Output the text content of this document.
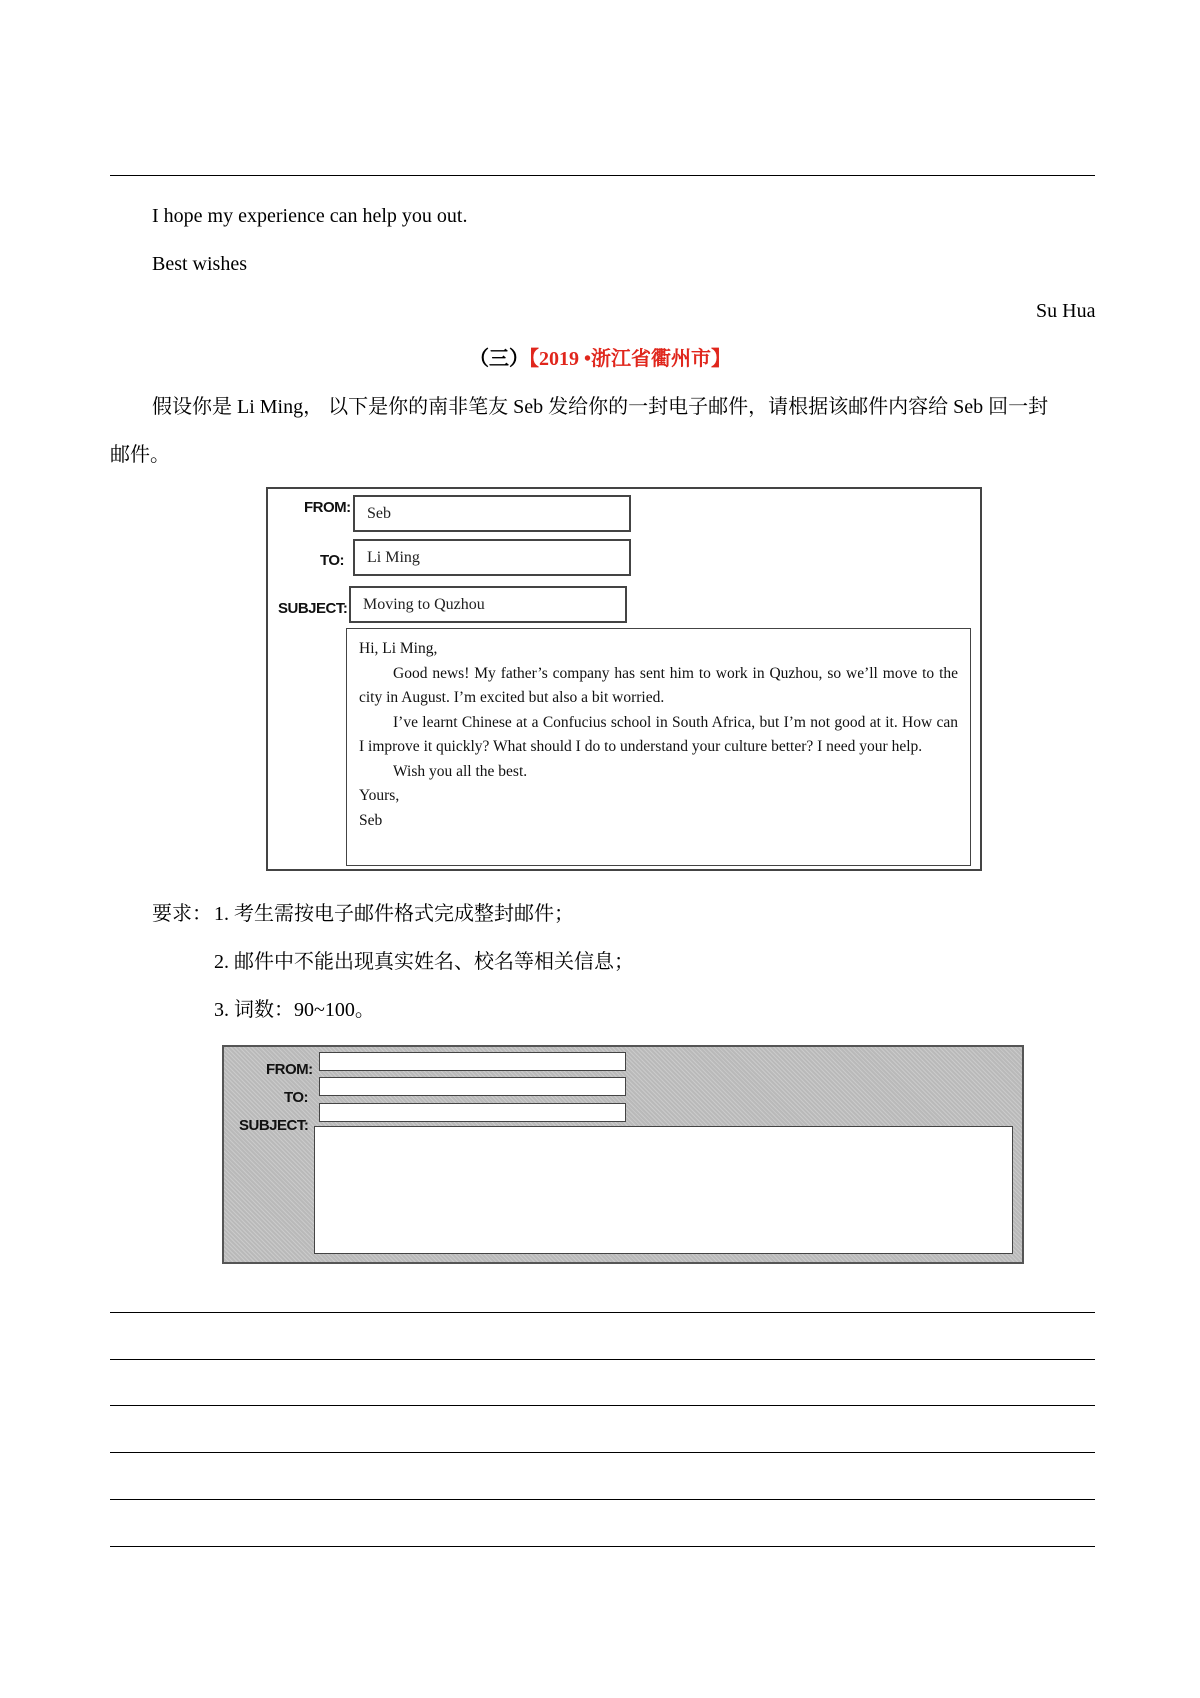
I hope my experience can help you out.
Best wishes
Su Hua
（三）【2019 •浙江省衢州市】
假设你是 Li Ming， 以下是你的南非笔友 Seb 发给你的一封电子邮件，请根据该邮件内容给 Seb 回一封
邮件。
FROM: Seb
TO: Li Ming
SUBJECT: Moving to Quzhou

Hi, Li Ming,

Good news! My father’s company has sent him to work in Quzhou, so we’ll move to the city in August. I’m excited but also a bit worried.

I’ve learnt Chinese at a Confucius school in South Africa, but I’m not good at it. How can I improve it quickly? What should I do to understand your culture better? I need your help.

Wish you all the best.

Yours,

Seb

要求： 1. 考生需按电子邮件格式完成整封邮件；
2. 邮件中不能出现真实姓名、校名等相关信息；
3. 词数：90~100。
FROM:
TO:
SUBJECT:
